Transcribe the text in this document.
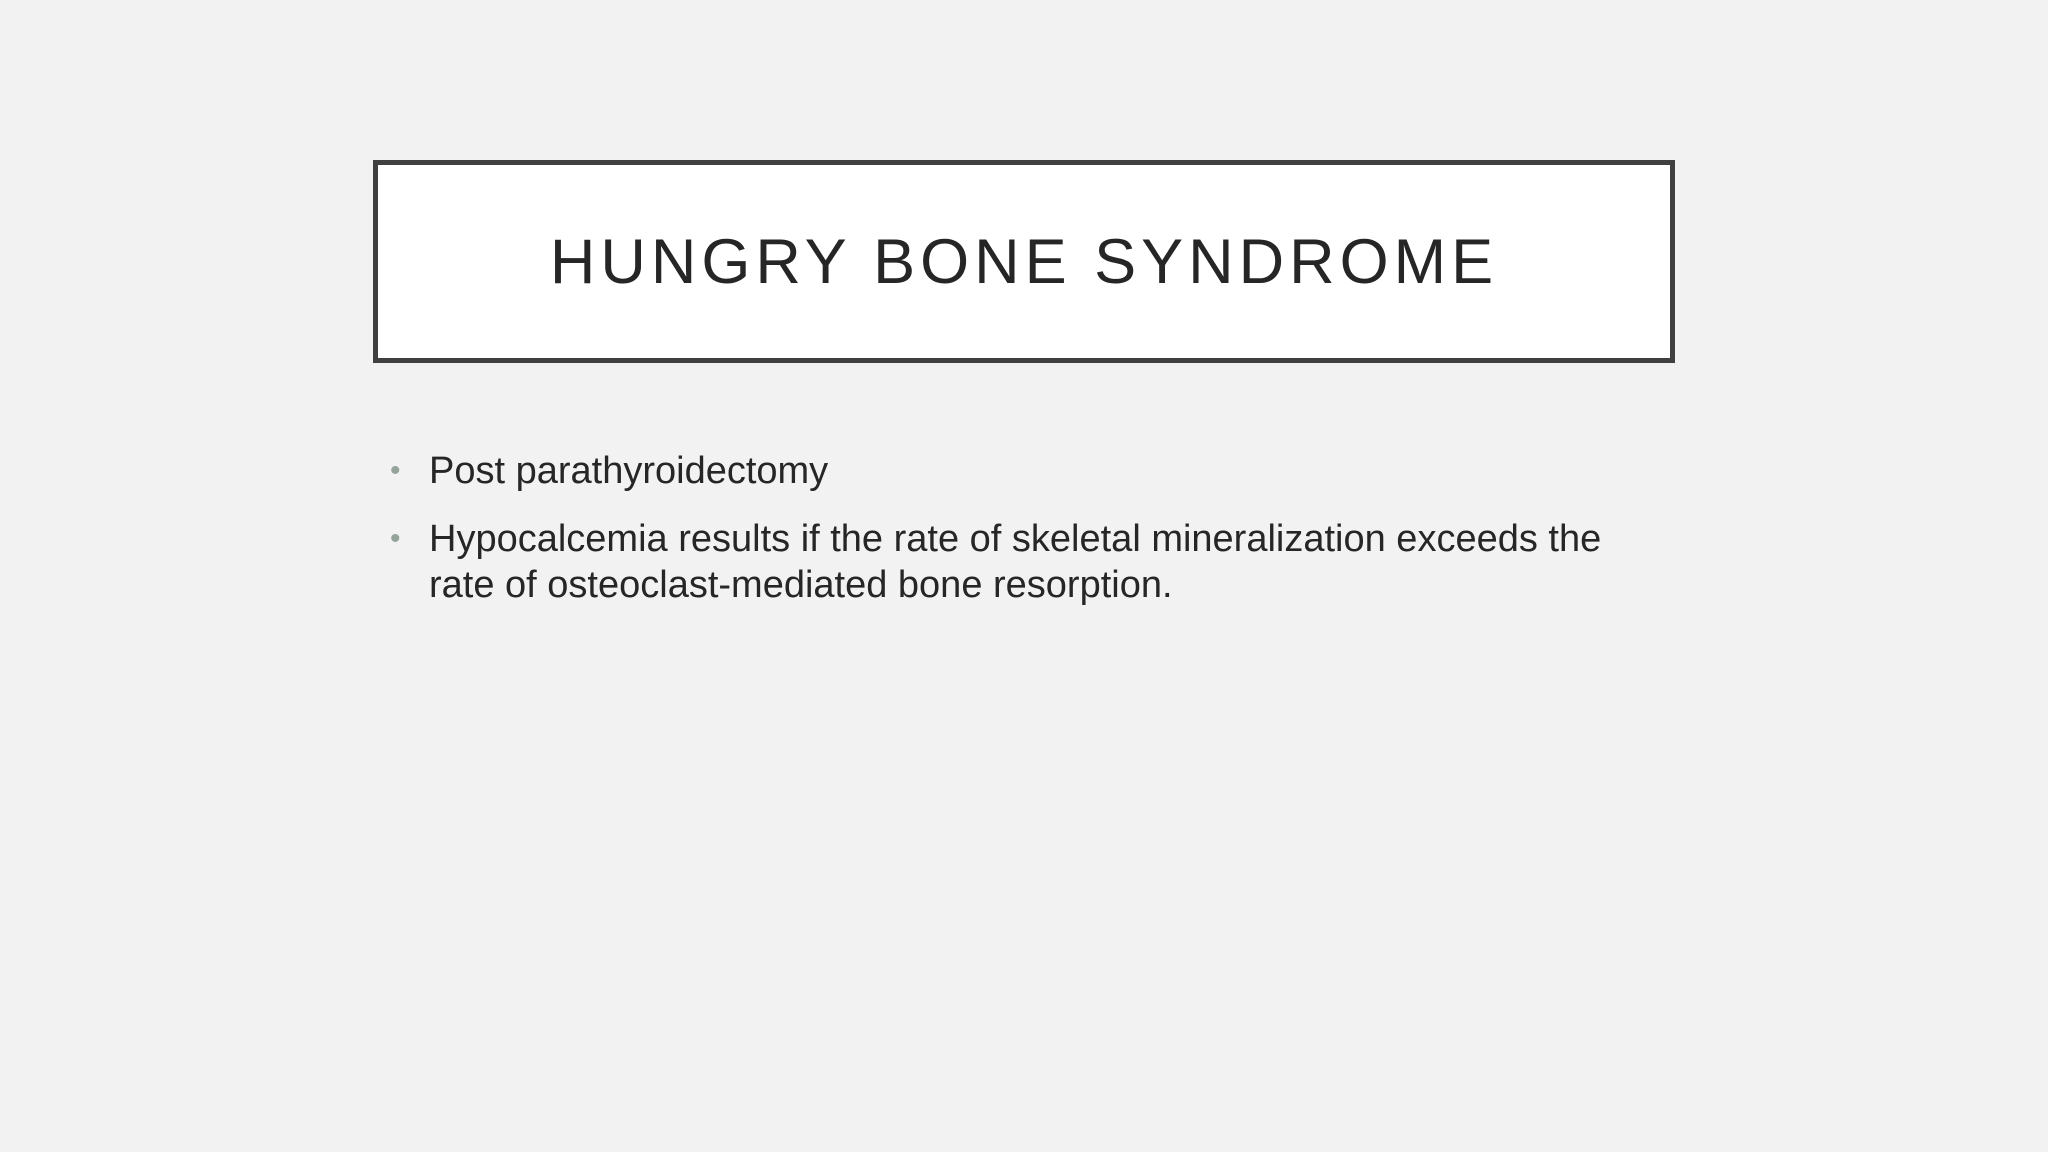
HUNGRY BONE SYNDROME
• Post parathyroidectomy
• Hypocalcemia results if the rate of skeletal mineralization exceeds the rate of osteoclast-mediated bone resorption.
